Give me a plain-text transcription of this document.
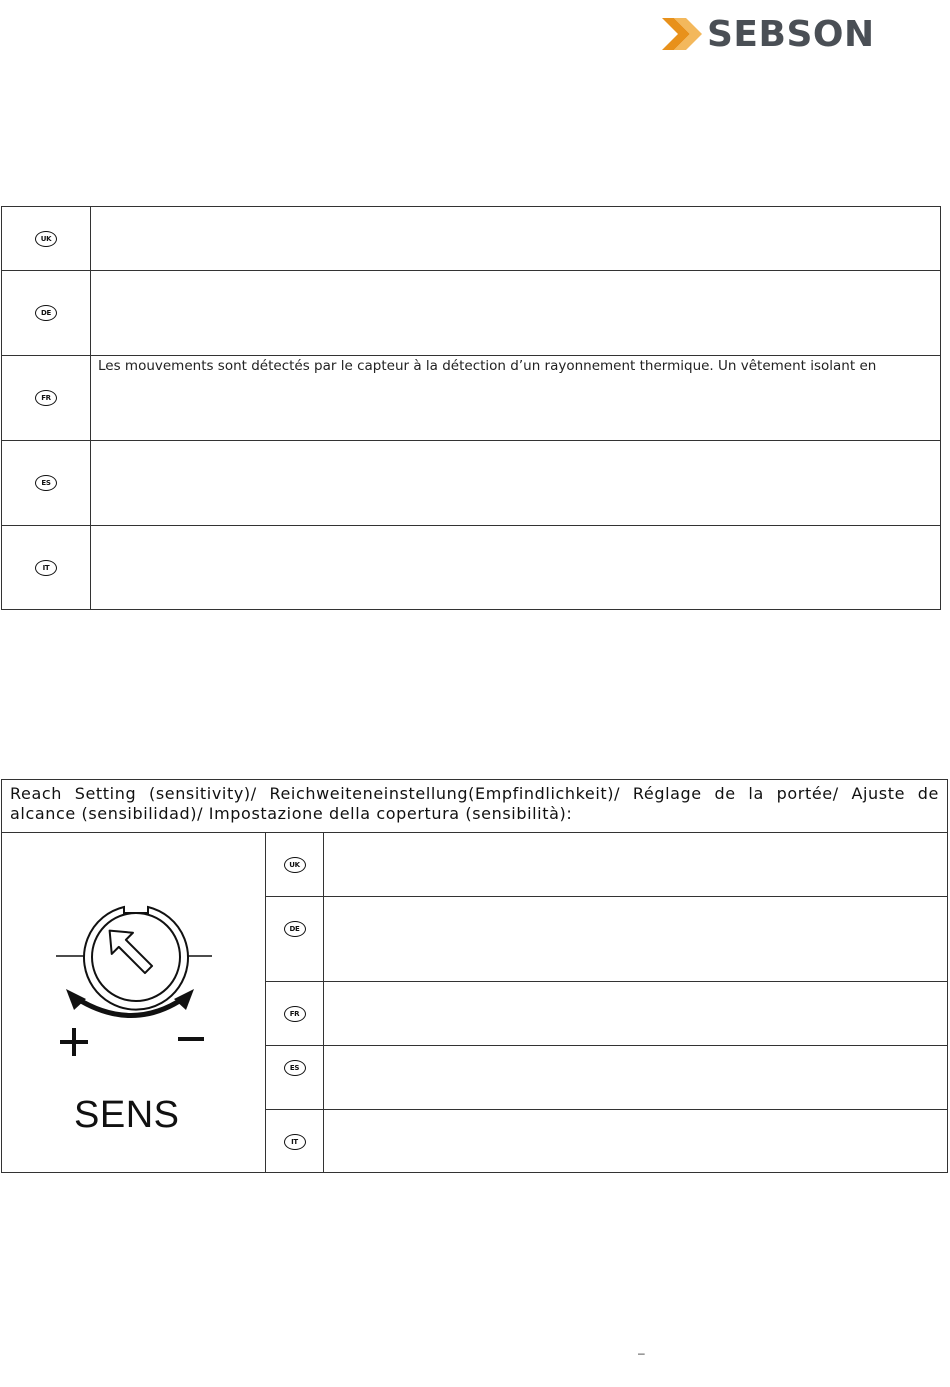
SEBSON
UK
DE
FR
Les mouvements sont détectés par le capteur à la détection d’un rayonnement thermique. Un vêtement isolant en
ES
IT
Reach Setting (sensitivity)/ Reichweiteneinstellung(Empfindlichkeit)/ Réglage de la portée/ Ajuste de alcance (sensibilidad)/ Impostazione della copertura (sensibilità):
SENS
UK
DE
FR
ES
IT
–
